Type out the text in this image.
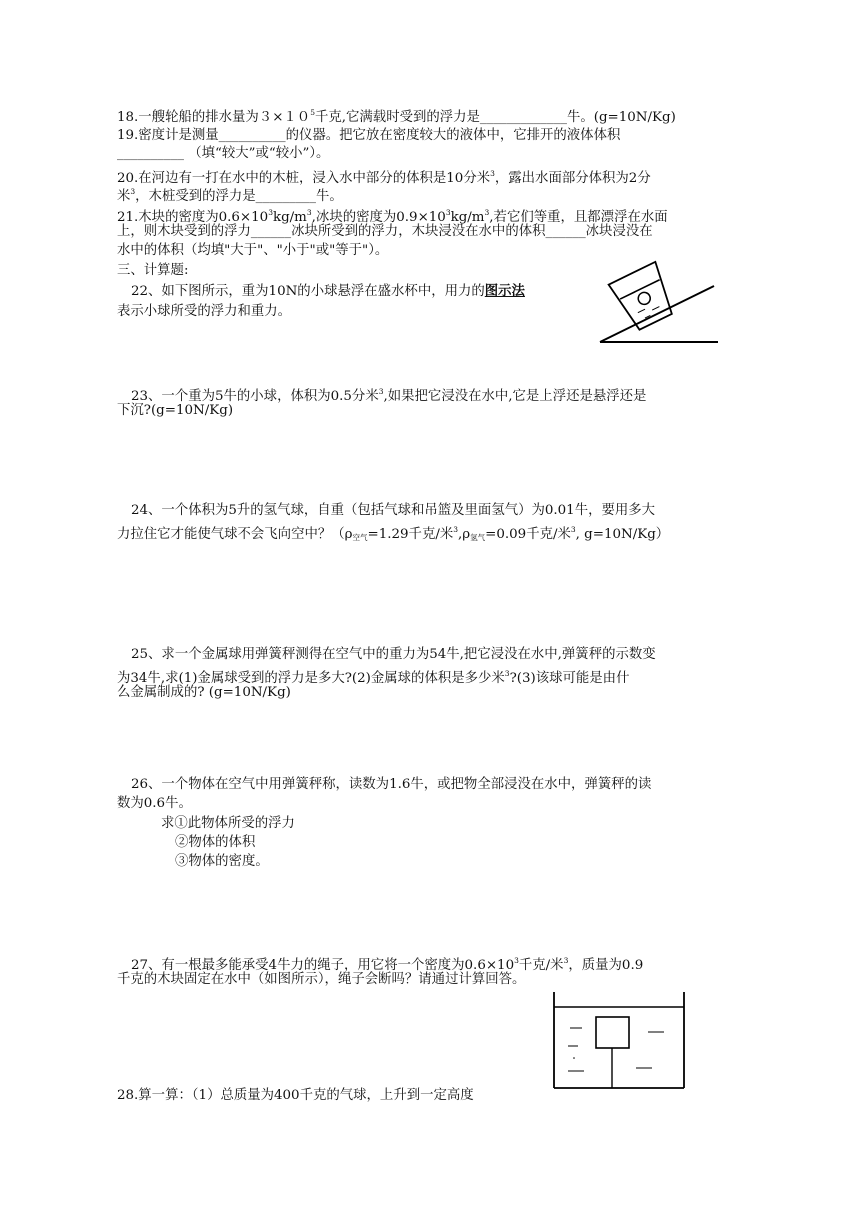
18.一艘轮船的排水量为$3\times 10^5$千克,它满载时受到的浮力是_____________牛。(g=10N/Kg)
19.密度计是测量__________的仪器。把它放在密度较大的液体中，它排开的液体体积
__________ （填“较大”或“较小”）。
20.在河边有一打在水中的木桩，浸入水中部分的体积是10分米$^3$，露出水面部分体积为2分
米$^3$，木桩受到的浮力是_________牛。
21.木块的密度为$0.6\times 10^3kg/m^3$,冰块的密度为$0.9\times 10^3kg/m^3$,若它们等重，且都漂浮在水面
上，则木块受到的浮力______冰块所受到的浮力，木块浸没在水中的体积______冰块浸没在
水中的体积（均填"大于"、"小于"或"等于"）。
三、计算题:
22、如下图所示，重为10N的小球悬浮在盛水杯中，用力的图示法
表示小球所受的浮力和重力。
23、一个重为5牛的小球，体积为0.5分米$^3$,如果把它浸没在水中,它是上浮还是悬浮还是
下沉?(g=10N/Kg)
24、一个体积为5升的氢气球，自重（包括气球和吊篮及里面氢气）为0.01牛，要用多大
力拉住它才能使气球不会飞向空中？（$\rho_{空气}=1.29$千克/米$^3,\rho_{氢气}=0.09$千克/米$^3$, g=10N/Kg）
25、求一个金属球用弹簧秤测得在空气中的重力为54牛,把它浸没在水中,弹簧秤的示数变
为34牛,求(1)金属球受到的浮力是多大?(2)金属球的体积是多少米$^3$?(3)该球可能是由什
么金属制成的? (g=10N/Kg)
26、一个物体在空气中用弹簧秤称，读数为1.6牛，或把物全部浸没在水中，弹簧秤的读
数为0.6牛。
求①此物体所受的浮力
②物体的体积
③物体的密度。
27、有一根最多能承受4牛力的绳子，用它将一个密度为$0.6\times 10^3$千克/米$^3$，质量为0.9
千克的木块固定在水中（如图所示），绳子会断吗？请通过计算回答。
28.算一算：（1）总质量为400千克的气球，上升到一定高度
